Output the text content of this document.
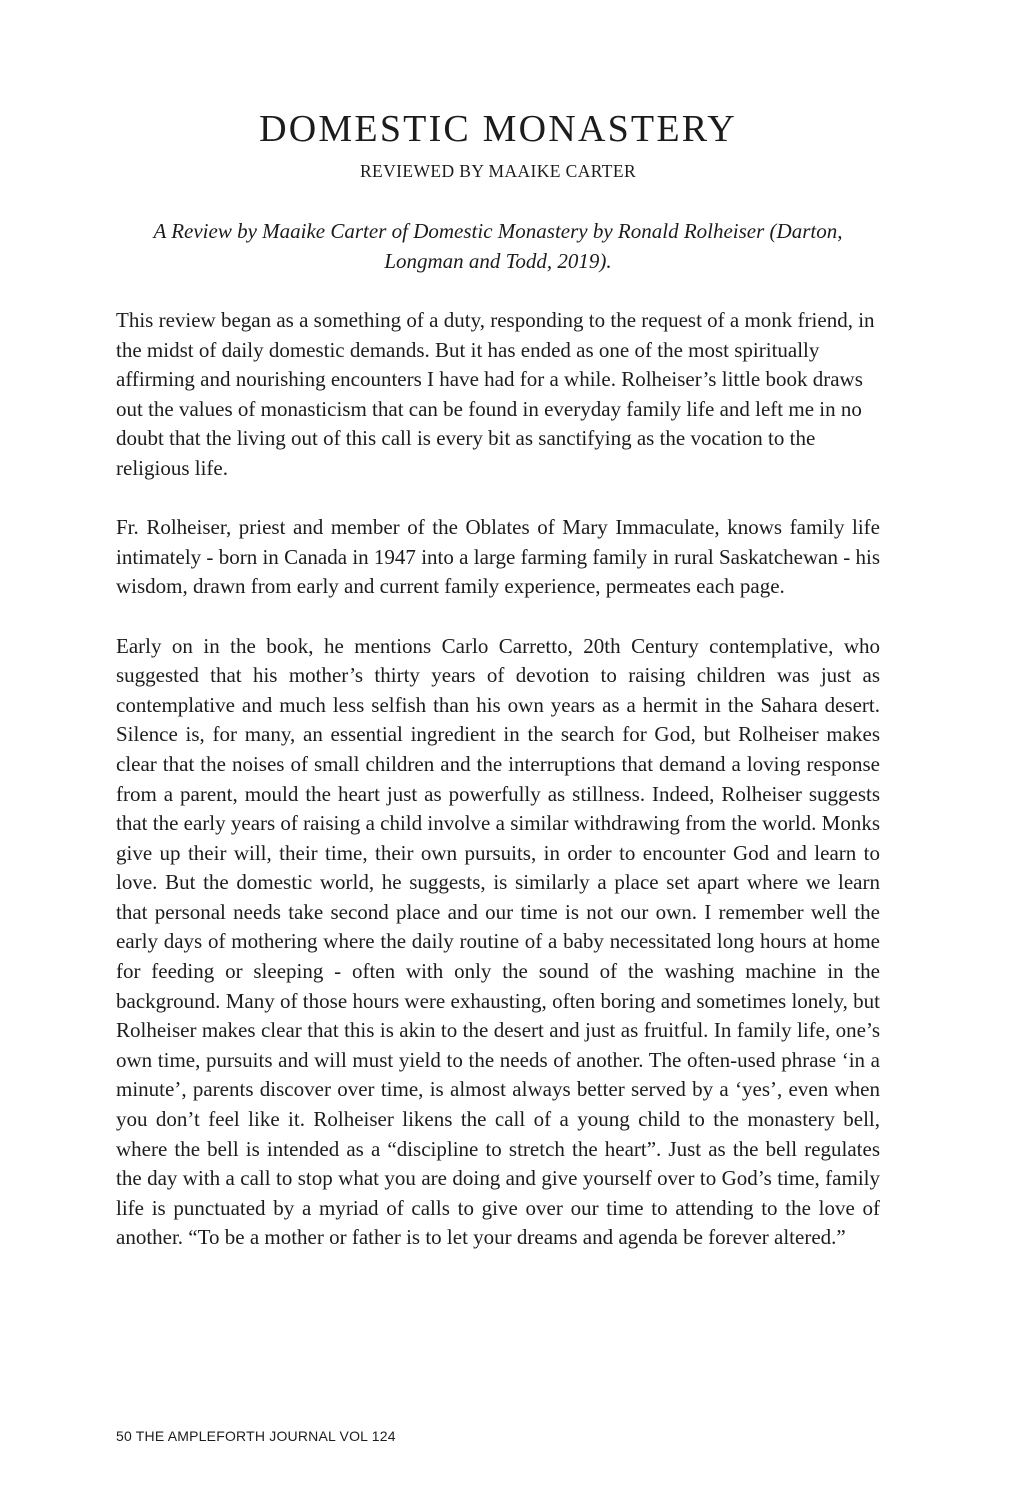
DOMESTIC MONASTERY
REVIEWED BY MAAIKE CARTER

A Review by Maaike Carter of Domestic Monastery by Ronald Rolheiser (Darton, Longman and Todd, 2019).

This review began as a something of a duty, responding to the request of a monk friend, in the midst of daily domestic demands. But it has ended as one of the most spiritually affirming and nourishing encounters I have had for a while. Rolheiser’s little book draws out the values of monasticism that can be found in everyday family life and left me in no doubt that the living out of this call is every bit as sanctifying as the vocation to the religious life.

Fr. Rolheiser, priest and member of the Oblates of Mary Immaculate, knows family life intimately - born in Canada in 1947 into a large farming family in rural Saskatchewan - his wisdom, drawn from early and current family experience, permeates each page.

Early on in the book, he mentions Carlo Carretto, 20th Century contemplative, who suggested that his mother’s thirty years of devotion to raising children was just as contemplative and much less selfish than his own years as a hermit in the Sahara desert. Silence is, for many, an essential ingredient in the search for God, but Rolheiser makes clear that the noises of small children and the interruptions that demand a loving response from a parent, mould the heart just as powerfully as stillness. Indeed, Rolheiser suggests that the early years of raising a child involve a similar withdrawing from the world. Monks give up their will, their time, their own pursuits, in order to encounter God and learn to love. But the domestic world, he suggests, is similarly a place set apart where we learn that personal needs take second place and our time is not our own. I remember well the early days of mothering where the daily routine of a baby necessitated long hours at home for feeding or sleeping - often with only the sound of the washing machine in the background. Many of those hours were exhausting, often boring and sometimes lonely, but Rolheiser makes clear that this is akin to the desert and just as fruitful. In family life, one’s own time, pursuits and will must yield to the needs of another. The often-used phrase ‘in a minute’, parents discover over time, is almost always better served by a ‘yes’, even when you don’t feel like it. Rolheiser likens the call of a young child to the monastery bell, where the bell is intended as a “discipline to stretch the heart”. Just as the bell regulates the day with a call to stop what you are doing and give yourself over to God’s time, family life is punctuated by a myriad of calls to give over our time to attending to the love of another. “To be a mother or father is to let your dreams and agenda be forever altered.”

50 THE AMPLEFORTH JOURNAL VOL 124
